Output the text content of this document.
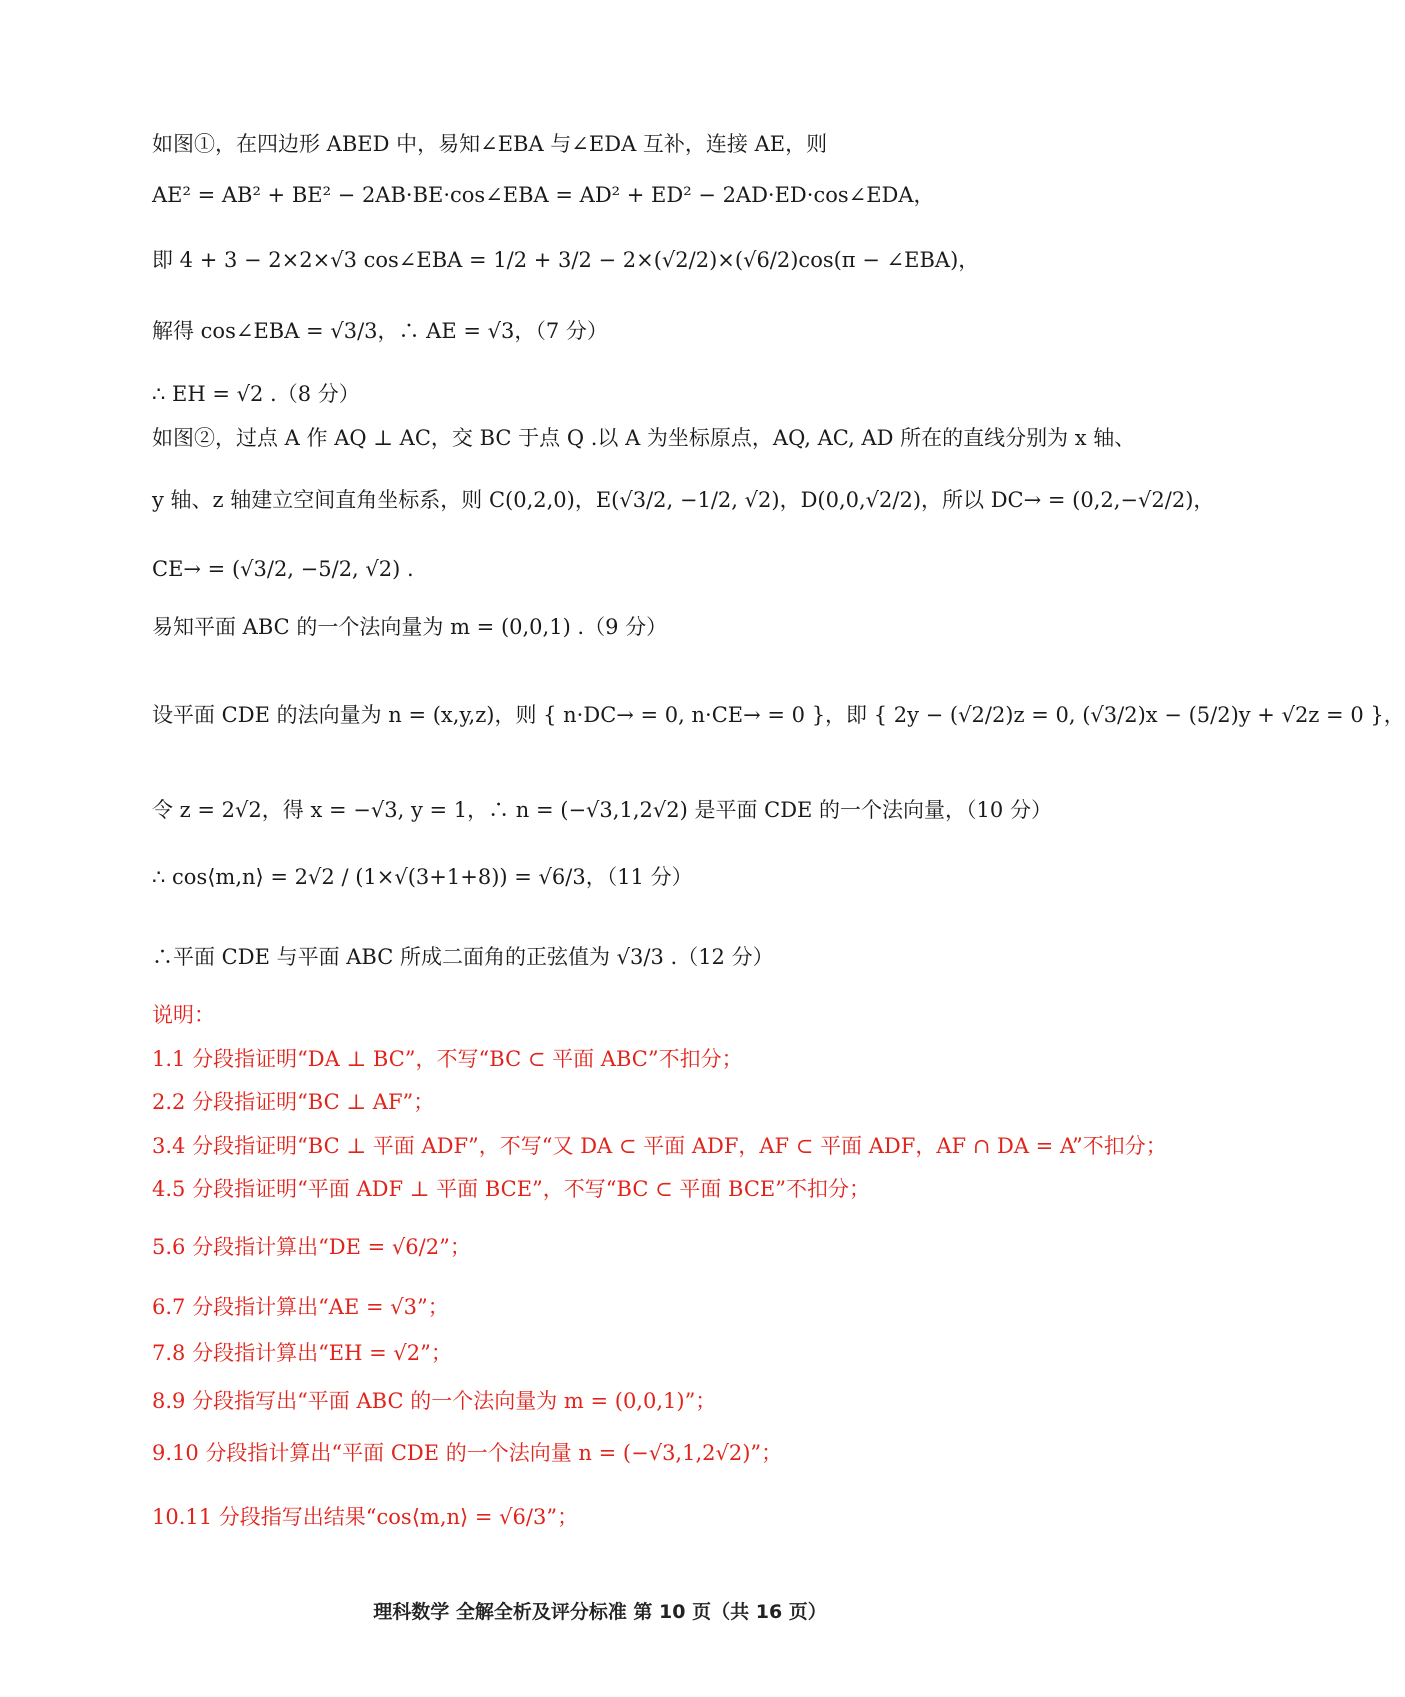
如图①，在四边形 ABED 中，易知∠EBA 与∠EDA 互补，连接 AE，则
AE² = AB² + BE² − 2AB·BE·cos∠EBA = AD² + ED² − 2AD·ED·cos∠EDA，
即 4 + 3 − 2×2×√3 cos∠EBA = 1/2 + 3/2 − 2×(√2/2)×(√6/2)cos(π − ∠EBA)，
解得 cos∠EBA = √3/3，∴ AE = √3，（7 分）
∴ EH = √2 .（8 分）
如图②，过点 A 作 AQ ⊥ AC，交 BC 于点 Q .以 A 为坐标原点，AQ, AC, AD 所在的直线分别为 x 轴、
y 轴、z 轴建立空间直角坐标系，则 C(0,2,0)，E(√3/2, −1/2, √2)，D(0,0,√2/2)，所以 DC→ = (0,2,−√2/2)，
CE→ = (√3/2, −5/2, √2) .
易知平面 ABC 的一个法向量为 m = (0,0,1) .（9 分）
设平面 CDE 的法向量为 n = (x,y,z)，则 { n·DC→ = 0, n·CE→ = 0 }，即 { 2y − (√2/2)z = 0, (√3/2)x − (5/2)y + √2z = 0 }，
令 z = 2√2，得 x = −√3, y = 1，∴ n = (−√3,1,2√2) 是平面 CDE 的一个法向量，（10 分）
∴ cos⟨m,n⟩ = 2√2 / (1×√(3+1+8)) = √6/3，（11 分）
∴平面 CDE 与平面 ABC 所成二面角的正弦值为 √3/3 .（12 分）
说明：
1.1 分段指证明“DA ⊥ BC”，不写“BC ⊂ 平面 ABC”不扣分；
2.2 分段指证明“BC ⊥ AF”；
3.4 分段指证明“BC ⊥ 平面 ADF”，不写“又 DA ⊂ 平面 ADF，AF ⊂ 平面 ADF，AF ∩ DA = A”不扣分；
4.5 分段指证明“平面 ADF ⊥ 平面 BCE”，不写“BC ⊂ 平面 BCE”不扣分；
5.6 分段指计算出“DE = √6/2”；
6.7 分段指计算出“AE = √3”；
7.8 分段指计算出“EH = √2”；
8.9 分段指写出“平面 ABC 的一个法向量为 m = (0,0,1)”；
9.10 分段指计算出“平面 CDE 的一个法向量 n = (−√3,1,2√2)”；
10.11 分段指写出结果“cos⟨m,n⟩ = √6/3”；
理科数学 全解全析及评分标准 第 10 页（共 16 页）
